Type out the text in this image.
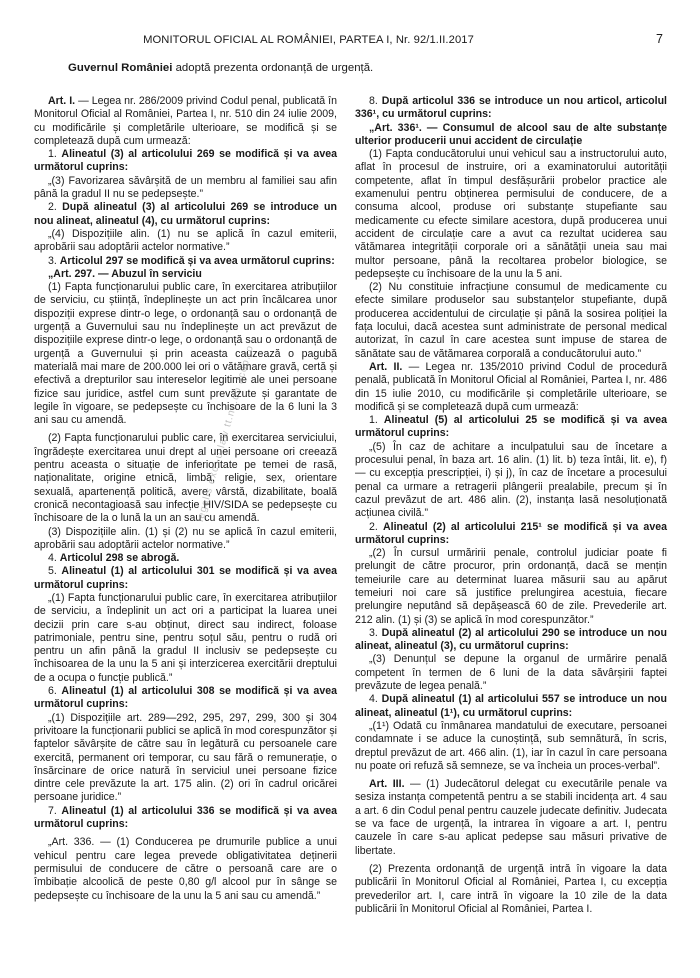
MONITORUL OFICIAL AL ROMÂNIEI, PARTEA I, Nr. 92/1.II.2017	7
Guvernul României adoptă prezenta ordonanță de urgență.

Art. I. — Legea nr. 286/2009 privind Codul penal, publicată în Monitorul Oficial al României, Partea I, nr. 510 din 24 iulie 2009, cu modificările și completările ulterioare, se modifică și se completează după cum urmează:

1. Alineatul (3) al articolului 269 se modifică și va avea următorul cuprins:

„(3) Favorizarea săvârșită de un membru al familiei sau afin până la gradul II nu se pedepsește.”

2. După alineatul (3) al articolului 269 se introduce un nou alineat, alineatul (4), cu următorul cuprins:

„(4) Dispozițiile alin. (1) nu se aplică în cazul emiterii, aprobării sau adoptării actelor normative.”

3. Articolul 297 se modifică și va avea următorul cuprins:

„Art. 297. — Abuzul în serviciu

(1) Fapta funcționarului public care, în exercitarea atribuțiilor de serviciu, cu știință, îndeplinește un act prin încălcarea unor dispoziții exprese dintr-o lege, o ordonanță sau o ordonanță de urgență a Guvernului sau nu îndeplinește un act prevăzut de dispozițiile exprese dintr-o lege, o ordonanță sau o ordonanță de urgență a Guvernului și prin aceasta cauzează o pagubă materială mai mare de 200.000 lei ori o vătămare gravă, certă și efectivă a drepturilor sau intereselor legitime ale unei persoane fizice sau juridice, astfel cum sunt prevăzute și garantate de legile în vigoare, se pedepsește cu închisoare de la 6 luni la 3 ani sau cu amendă.

(2) Fapta funcționarului public care, în exercitarea serviciului, îngrădește exercitarea unui drept al unei persoane ori creează pentru aceasta o situație de inferioritate pe temei de rasă, naționalitate, origine etnică, limbă, religie, sex, orientare sexuală, apartenență politică, avere, vârstă, dizabilitate, boală cronică necontagioasă sau infecție HIV/SIDA se pedepsește cu închisoare de la o lună la un an sau cu amendă.

(3) Dispozițiile alin. (1) și (2) nu se aplică în cazul emiterii, aprobării sau adoptării actelor normative.”

4. Articolul 298 se abrogă.

5. Alineatul (1) al articolului 301 se modifică și va avea următorul cuprins:

„(1) Fapta funcționarului public care, în exercitarea atribuțiilor de serviciu, a îndeplinit un act ori a participat la luarea unei decizii prin care s-au obținut, direct sau indirect, foloase patrimoniale, pentru sine, pentru soțul său, pentru o rudă ori pentru un afin până la gradul II inclusiv se pedepsește cu închisoarea de la unu la 5 ani și interzicerea exercitării dreptului de a ocupa o funcție publică.”

6. Alineatul (1) al articolului 308 se modifică și va avea următorul cuprins:

„(1) Dispozițiile art. 289—292, 295, 297, 299, 300 și 304 privitoare la funcționarii publici se aplică în mod corespunzător și faptelor săvârșite de către sau în legătură cu persoanele care exercită, permanent ori temporar, cu sau fără o remunerație, o însărcinare de orice natură în serviciul unei persoane fizice dintre cele prevăzute la art. 175 alin. (2) ori în cadrul oricărei persoane juridice.”

7. Alineatul (1) al articolului 336 se modifică și va avea următorul cuprins:

„Art. 336. — (1) Conducerea pe drumurile publice a unui vehicul pentru care legea prevede obligativitatea deținerii permisului de conducere de către o persoană care are o îmbibație alcoolică de peste 0,80 g/l alcool pur în sânge se pedepsește cu închisoare de la unu la 5 ani sau cu amendă.”

8. După articolul 336 se introduce un nou articol, articolul 336¹, cu următorul cuprins:

„Art. 336¹. — Consumul de alcool sau de alte substanțe ulterior producerii unui accident de circulație

(1) Fapta conducătorului unui vehicul sau a instructorului auto, aflat în procesul de instruire, ori a examinatorului autorității competente, aflat în timpul desfășurării probelor practice ale examenului pentru obținerea permisului de conducere, de a consuma alcool, produse ori substanțe stupefiante sau medicamente cu efecte similare acestora, după producerea unui accident de circulație care a avut ca rezultat uciderea sau vătămarea integrității corporale ori a sănătății uneia sau mai multor persoane, până la recoltarea probelor biologice, se pedepsește cu închisoare de la unu la 5 ani.

(2) Nu constituie infracțiune consumul de medicamente cu efecte similare produselor sau substanțelor stupefiante, după producerea accidentului de circulație și până la sosirea poliției la fața locului, dacă acestea sunt administrate de personal medical autorizat, în cazul în care acestea sunt impuse de starea de sănătate sau de vătămarea corporală a conducătorului auto.”

Art. II. — Legea nr. 135/2010 privind Codul de procedură penală, publicată în Monitorul Oficial al României, Partea I, nr. 486 din 15 iulie 2010, cu modificările și completările ulterioare, se modifică și se completează după cum urmează:

1. Alineatul (5) al articolului 25 se modifică și va avea următorul cuprins:

„(5) În caz de achitare a inculpatului sau de încetare a procesului penal, în baza art. 16 alin. (1) lit. b) teza întâi, lit. e), f) — cu excepția prescripției, i) și j), în caz de încetare a procesului penal ca urmare a retragerii plângerii prealabile, precum și în cazul prevăzut de art. 486 alin. (2), instanța lasă nesoluționată acțiunea civilă.”

2. Alineatul (2) al articolului 215¹ se modifică și va avea următorul cuprins:

„(2) În cursul urmăririi penale, controlul judiciar poate fi prelungit de către procuror, prin ordonanță, dacă se mențin temeiurile care au determinat luarea măsurii sau au apărut temeiuri noi care să justifice prelungirea acestuia, fiecare prelungire neputând să depășească 60 de zile. Prevederile art. 212 alin. (1) și (3) se aplică în mod corespunzător.”

3. După alineatul (2) al articolului 290 se introduce un nou alineat, alineatul (3), cu următorul cuprins:

„(3) Denunțul se depune la organul de urmărire penală competent în termen de 6 luni de la data săvârșirii faptei prevăzute de legea penală.”

4. După alineatul (1) al articolului 557 se introduce un nou alineat, alineatul (1¹), cu următorul cuprins:

„(1¹) Odată cu înmânarea mandatului de executare, persoanei condamnate i se aduce la cunoștință, sub semnătură, în scris, dreptul prevăzut de art. 466 alin. (1), iar în cazul în care persoana nu poate ori refuză să semneze, se va încheia un proces-verbal”.

Art. III. — (1) Judecătorul delegat cu executările penale va sesiza instanța competentă pentru a se stabili incidența art. 4 sau a art. 6 din Codul penal pentru cauzele judecate definitiv. Judecata se va face de urgență, la intrarea în vigoare a art. I, pentru cauzele în care s-au aplicat pedepse sau măsuri privative de libertate.

(2) Prezenta ordonanță de urgență intră în vigoare la data publicării în Monitorul Oficial al României, Partea I, cu excepția prevederilor art. I, care intră în vigoare la 10 zile de la data publicării în Monitorul Oficial al României, Partea I.

legalis exc.-u-law tt.nu.do Jcop.ro
